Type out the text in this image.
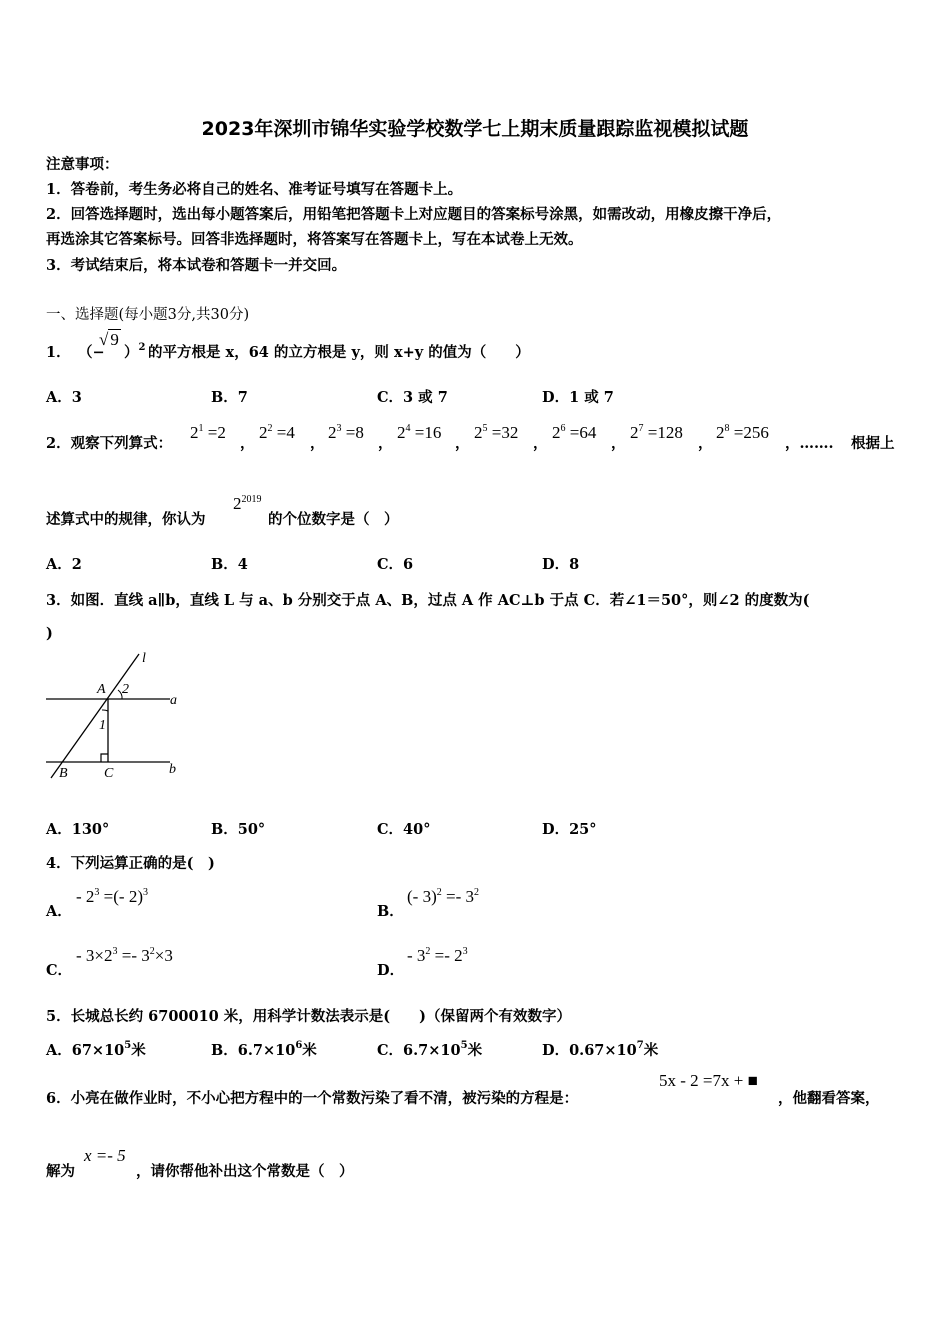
2023年深圳市锦华实验学校数学七上期末质量跟踪监视模拟试题
注意事项：
1．答卷前，考生务必将自己的姓名、准考证号填写在答题卡上。
2．回答选择题时，选出每小题答案后，用铅笔把答题卡上对应题目的答案标号涂黑，如需改动，用橡皮擦干净后，
再选涂其它答案标号。回答非选择题时，将答案写在答题卡上，写在本试卷上无效。
3．考试结束后，将本试卷和答题卡一并交回。
一、选择题(每小题3分,共30分)
1． （−
√ 9
）$^2$ 的平方根是 x，64 的立方根是 y，则 x+y 的值为（　　）
A．3	B．7	C．3 或 7	D．1 或 7
2．观察下列算式：
$2^1 =2$
，
$2^2 =4$
，
$2^3 =8$
，
$2^4 =16$
，
$2^5 =32$
，
$2^6 =64$
，
$2^7 =128$
，
$2^8 =256$
，……. 根据上
述算式中的规律，你认为
$2^{2019}$
的个位数字是（　）
A．2	B．4	C．6	D．8
3．如图．直线 a∥b，直线 L 与 a、b 分别交于点 A、B，过点 A 作 AC⊥b 于点 C．若∠1＝50°，则∠2 的度数为(
)
l
A 2
a
1
B	C	b
A．130°	B．50°	C．40°	D．25°
4．下列运算正确的是(　)
A．
- $2^3$ =(- 2)$^3$
B．
(- $3)^2 =- 3^2$
C．
- $3\times 2^3 =- 3^2\times 3$
D．
- $3^2 =- 2^3$
5．长城总长约 6700010 米，用科学计数法表示是(　　)（保留两个有效数字）
A．$67\times 10^5$米	B．$6.7\times 10^6$米	C．$6.7\times 10^5$米	D．$0.67\times 10^7$米
6．小亮在做作业时，不小心把方程中的一个常数污染了看不清，被污染的方程是：
5x - 2 =7x + ■
，他翻看答案，
解为
x =- 5
，请你帮他补出这个常数是（　）
